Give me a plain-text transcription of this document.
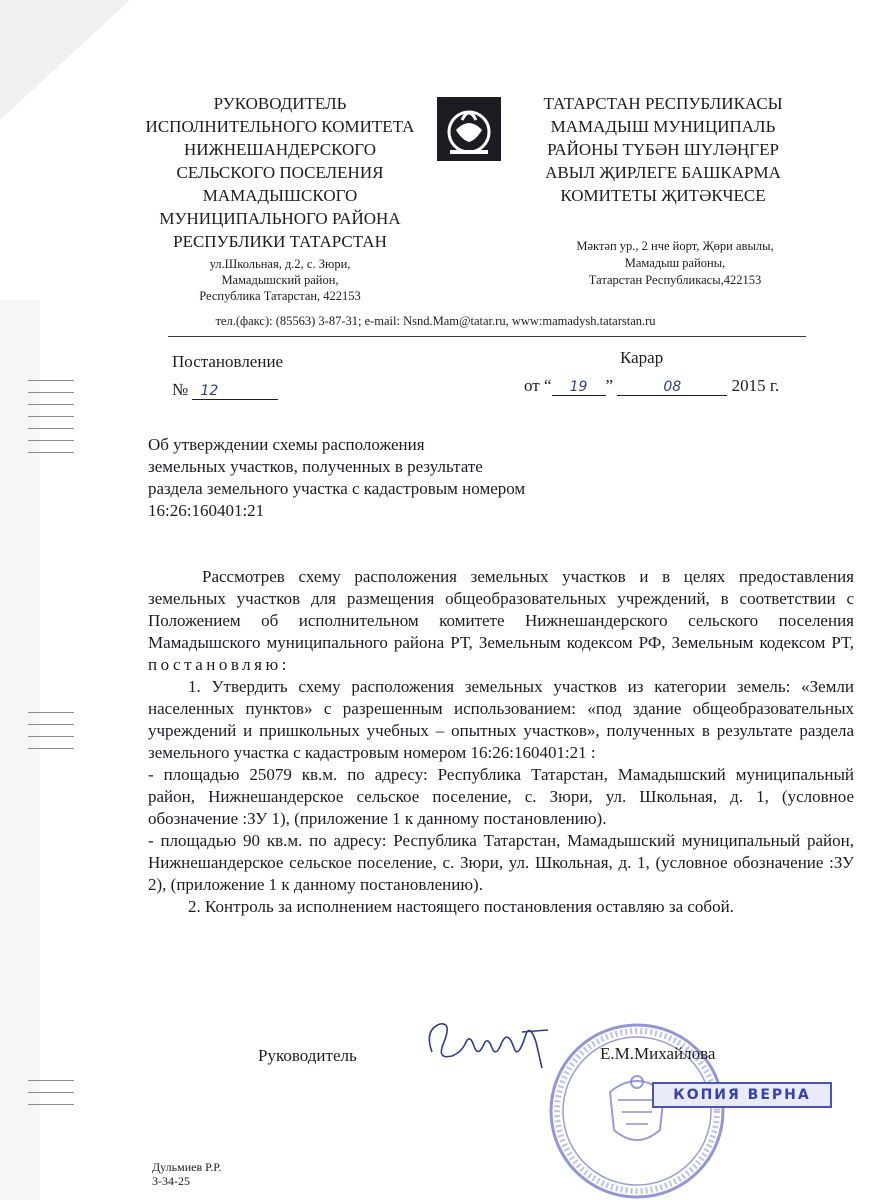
РУКОВОДИТЕЛЬ
ИСПОЛНИТЕЛЬНОГО КОМИТЕТА
НИЖНЕШАНДЕРСКОГО
СЕЛЬСКОГО ПОСЕЛЕНИЯ
МАМАДЫШСКОГО
МУНИЦИПАЛЬНОГО РАЙОНА
РЕСПУБЛИКИ ТАТАРСТАН
ул.Школьная, д.2, с. Зюри,
Мамадышский район,
Республика Татарстан, 422153
ТАТАРСТАН РЕСПУБЛИКАСЫ
МАМАДЫШ МУНИЦИПАЛЬ
РАЙОНЫ ТҮБӘН ШҮЛӘҢГЕР
АВЫЛ ҖИРЛЕГЕ БАШКАРМА
КОМИТЕТЫ ҖИТӘКЧЕСЕ
Мәктәп ур., 2 нче йорт, Җөри авылы,
Мамадыш районы,
Татарстан Республикасы,422153
тел.(факс): (85563) 3-87-31; e-mail: Nsnd.Mam@tatar.ru, www:mamadysh.tatarstan.ru
Постановление	Карар
№ 12	от “ 19 ”	08	2015 г.
Об утверждении схемы расположения
земельных участков, полученных в результате
раздела земельного участка с кадастровым номером
16:26:160401:21

Рассмотрев схему расположения земельных участков и в целях предоставления земельных участков для размещения общеобразовательных учреждений, в соответствии с Положением об исполнительном комитете Нижнешандерского сельского поселения Мамадышского муниципального района РТ, Земельным кодексом РФ, Земельным кодексом РТ, постановляю:

1. Утвердить схему расположения земельных участков из категории земель: «Земли населенных пунктов» с разрешенным использованием: «под здание общеобразовательных учреждений и пришкольных учебных – опытных участков», полученных в результате раздела земельного участка с кадастровым номером 16:26:160401:21 :

- площадью 25079 кв.м. по адресу: Республика Татарстан, Мамадышский муниципальный район, Нижнешандерское сельское поселение, с. Зюри, ул. Школьная, д. 1, (условное обозначение :ЗУ 1), (приложение 1 к данному постановлению).

- площадью 90 кв.м. по адресу: Республика Татарстан, Мамадышский муниципальный район, Нижнешандерское сельское поселение, с. Зюри, ул. Школьная, д. 1, (условное обозначение :ЗУ 2), (приложение 1 к данному постановлению).

2. Контроль за исполнением настоящего постановления оставляю за собой.

Руководитель	Е.М.Михайлова
КОПИЯ ВЕРНА
Дульмиев Р.Р.
3-34-25
